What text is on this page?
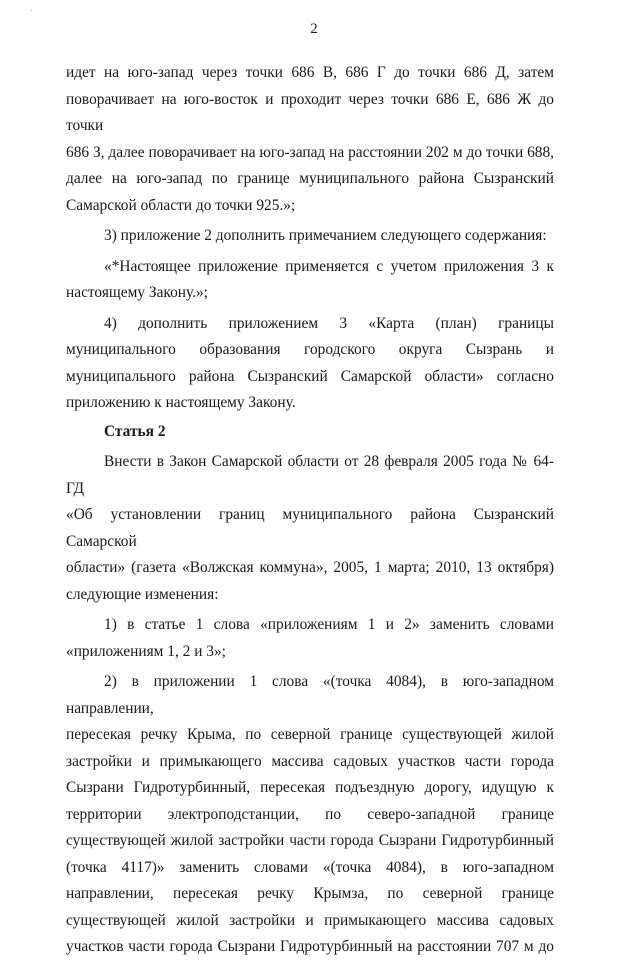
·
2

идет на юго-запад через точки 686 В, 686 Г до точки 686 Д, затем

поворачивает на юго-восток и проходит через точки 686 Е, 686 Ж до точки

686 З, далее поворачивает на юго-запад на расстоянии 202 м до точки 688,

далее на юго-запад по границе муниципального района Сызранский

Самарской области до точки 925.»;

3) приложение 2 дополнить примечанием следующего содержания:

«*Настоящее приложение применяется с учетом приложения 3 к

настоящему Закону.»;

4) дополнить приложением 3 «Карта (план) границы

муниципального образования городского округа Сызрань и

муниципального района Сызранский Самарской области» согласно

приложению к настоящему Закону.

Статья 2

Внести в Закон Самарской области от 28 февраля 2005 года № 64-ГД

«Об установлении границ муниципального района Сызранский Самарской

области» (газета «Волжская коммуна», 2005, 1 марта; 2010, 13 октября)

следующие изменения:

1) в статье 1 слова «приложениям 1 и 2» заменить словами

«приложениям 1, 2 и 3»;

2) в приложении 1 слова «(точка 4084), в юго-западном направлении,

пересекая речку Крыма, по северной границе существующей жилой

застройки и примыкающего массива садовых участков части города

Сызрани Гидротурбинный, пересекая подъездную дорогу, идущую к

территории электроподстанции, по северо-западной границе

существующей жилой застройки части города Сызрани Гидротурбинный

(точка 4117)» заменить словами «(точка 4084), в юго-западном

направлении, пересекая речку Крымза, по северной границе

существующей жилой застройки и примыкающего массива садовых

участков части города Сызрани Гидротурбинный на расстоянии 707 м до
